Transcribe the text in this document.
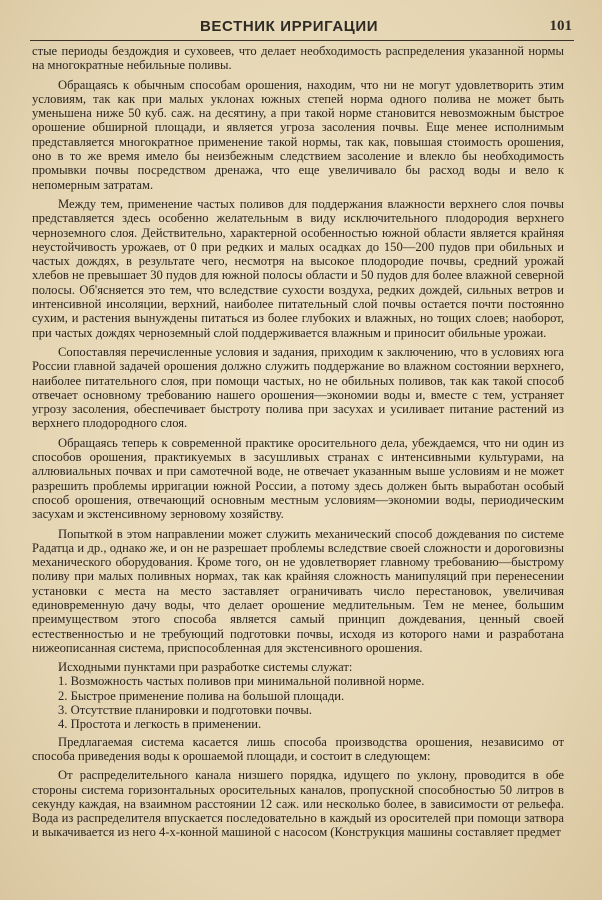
ВЕСТНИК ИРРИГАЦИИ	101

стые периоды бездождия и суховеев, что делает необходимость распределения указанной нормы на многократные небильные поливы.

Обращаясь к обычным способам орошения, находим, что ни не могут удовлетворить этим условиям, так как при малых уклонах южных степей норма одного полива не может быть уменьшена ниже 50 куб. саж. на десятину, а при такой норме становится невозможным быстрое орошение обширной площади, и является угроза засоления почвы. Еще менее исполнимым представляется многократное применение такой нормы, так как, повышая стоимость орошения, оно в то же время имело бы неизбежным следствием засоление и влекло бы необходимость промывки почвы посредством дренажа, что еще увеличивало бы расход воды и вело к непомерным затратам.

Между тем, применение частых поливов для поддержания влажности верхнего слоя почвы представляется здесь особенно желательным в виду исключительного плодородия верхнего черноземного слоя. Действительно, характерной особенностью южной области является крайняя неустойчивость урожаев, от 0 при редких и малых осадках до 150—200 пудов при обильных и частых дождях, в результате чего, несмотря на высокое плодородие почвы, средний урожай хлебов не превышает 30 пудов для южной полосы области и 50 пудов для более влажной северной полосы. Об'ясняется это тем, что вследствие сухости воздуха, редких дождей, сильных ветров и интенсивной инсоляции, верхний, наиболее питательный слой почвы остается почти постоянно сухим, и растения вынуждены питаться из более глубоких и влажных, но тощих слоев; наоборот, при частых дождях черноземный слой поддерживается влажным и приносит обильные урожаи.

Сопоставляя перечисленные условия и задания, приходим к заключению, что в условиях юга России главной задачей орошения должно служить поддержание во влажном состоянии верхнего, наиболее питательного слоя, при помощи частых, но не обильных поливов, так как такой способ отвечает основному требованию нашего орошения—экономии воды и, вместе с тем, устраняет угрозу засоления, обеспечивает быстроту полива при засухах и усиливает питание растений из верхнего плодородного слоя.

Обращаясь теперь к современной практике оросительного дела, убеждаемся, что ни один из способов орошения, практикуемых в засушливых странах с интенсивными культурами, на аллювиальных почвах и при самотечной воде, не отвечает указанным выше условиям и не может разрешить проблемы ирригации южной России, а потому здесь должен быть выработан особый способ орошения, отвечающий основным местным условиям—экономии воды, периодическим засухам и экстенсивному зерновому хозяйству.

Попыткой в этом направлении может служить механический способ дождевания по системе Радатца и др., однако же, и он не разрешает проблемы вследствие своей сложности и дороговизны механического оборудования. Кроме того, он не удовлетворяет главному требованию—быстрому поливу при малых поливных нормах, так как крайняя сложность манипуляций при перенесении установки с места на место заставляет ограничивать число перестановок, увеличивая единовременную дачу воды, что делает орошение медлительным. Тем не менее, большим преимуществом этого способа является самый принцип дождевания, ценный своей естественностью и не требующий подготовки почвы, исходя из которого нами и разработана нижеописанная система, приспособленная для экстенсивного орошения.

Исходными пунктами при разработке системы служат:

1. Возможность частых поливов при минимальной поливной норме.
2. Быстрое применение полива на большой площади.
3. Отсутствие планировки и подготовки почвы.
4. Простота и легкость в применении.

Предлагаемая система касается лишь способа производства орошения, независимо от способа приведения воды к орошаемой площади, и состоит в следующем:

От распределительного канала низшего порядка, идущего по уклону, проводится в обе стороны система горизонтальных оросительных каналов, пропускной способностью 50 литров в секунду каждая, на взаимном расстоянии 12 саж. или несколько более, в зависимости от рельефа. Вода из распределителя впускается последовательно в каждый из оросителей при помощи затвора и выкачивается из него 4-х-конной машиной с насосом (Конструкция машины составляет предмет
